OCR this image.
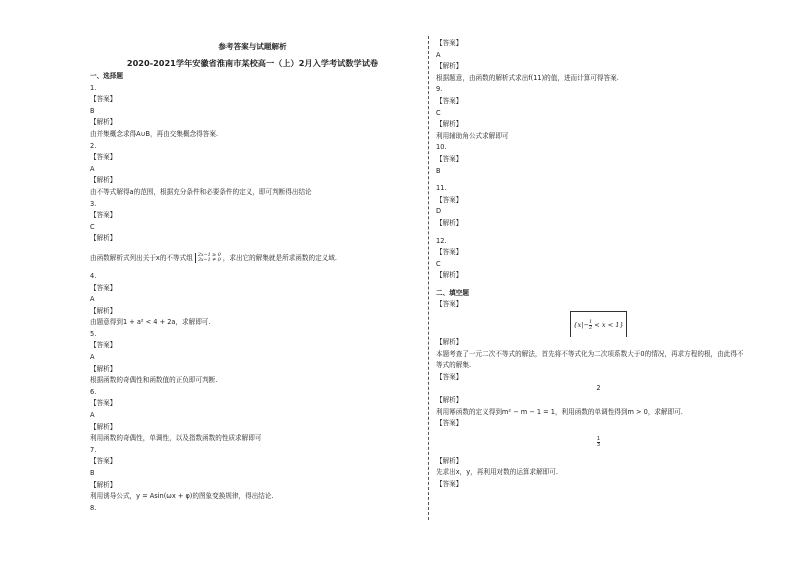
参考答案与试题解析
2020-2021学年安徽省淮南市某校高一（上）2月入学考试数学试卷
一、选择题
1.
【答案】
B
【解析】
由并集概念求得A∪B，再由交集概念得答案.
2.
【答案】
A
【解析】
由不等式解得a的范围，根据充分条件和必要条件的定义，即可判断得出结论
3.
【答案】
C
【解析】
由函数解析式列出关于x的不等式组 2x−1 ≥ 0
3x−1 ≠ 0 ，求出它的解集就是所求函数的定义域.
4.
【答案】
A
【解析】
由题意得到1 + a² < 4 + 2a，求解即可.
5.
【答案】
A
【解析】
根据函数的奇偶性和函数值的正负即可判断.
6.
【答案】
A
【解析】
利用函数的奇偶性，单调性，以及指数函数的性质求解即可
7.
【答案】
B
【解析】
利用诱导公式，y = Asin(ωx + φ)的图象变换规律，得出结论.
8.
【答案】
A
【解析】
根据题意，由函数的解析式求出f(11)的值，进而计算可得答案.
9.
【答案】
C
【解析】
利用辅助角公式求解即可
10.
【答案】
B
11.
【答案】
D
【解析】
12.
【答案】
C
【解析】
二、填空题
【答案】
$\{x|- \frac{1}{2} < x < 1\}$
【解析】
本题考查了一元二次不等式的解法，首先将不等式化为二次项系数大于0的情况，再求方程的根，由此得不
等式的解集.
【答案】
2
【解析】
利用幂函数的定义得到m² − m − 1 = 1，利用函数的单调性得到m > 0，求解即可.
【答案】
$\frac{1}{3}$
【解析】
先求出x，y，再利用对数的运算求解即可.
【答案】
